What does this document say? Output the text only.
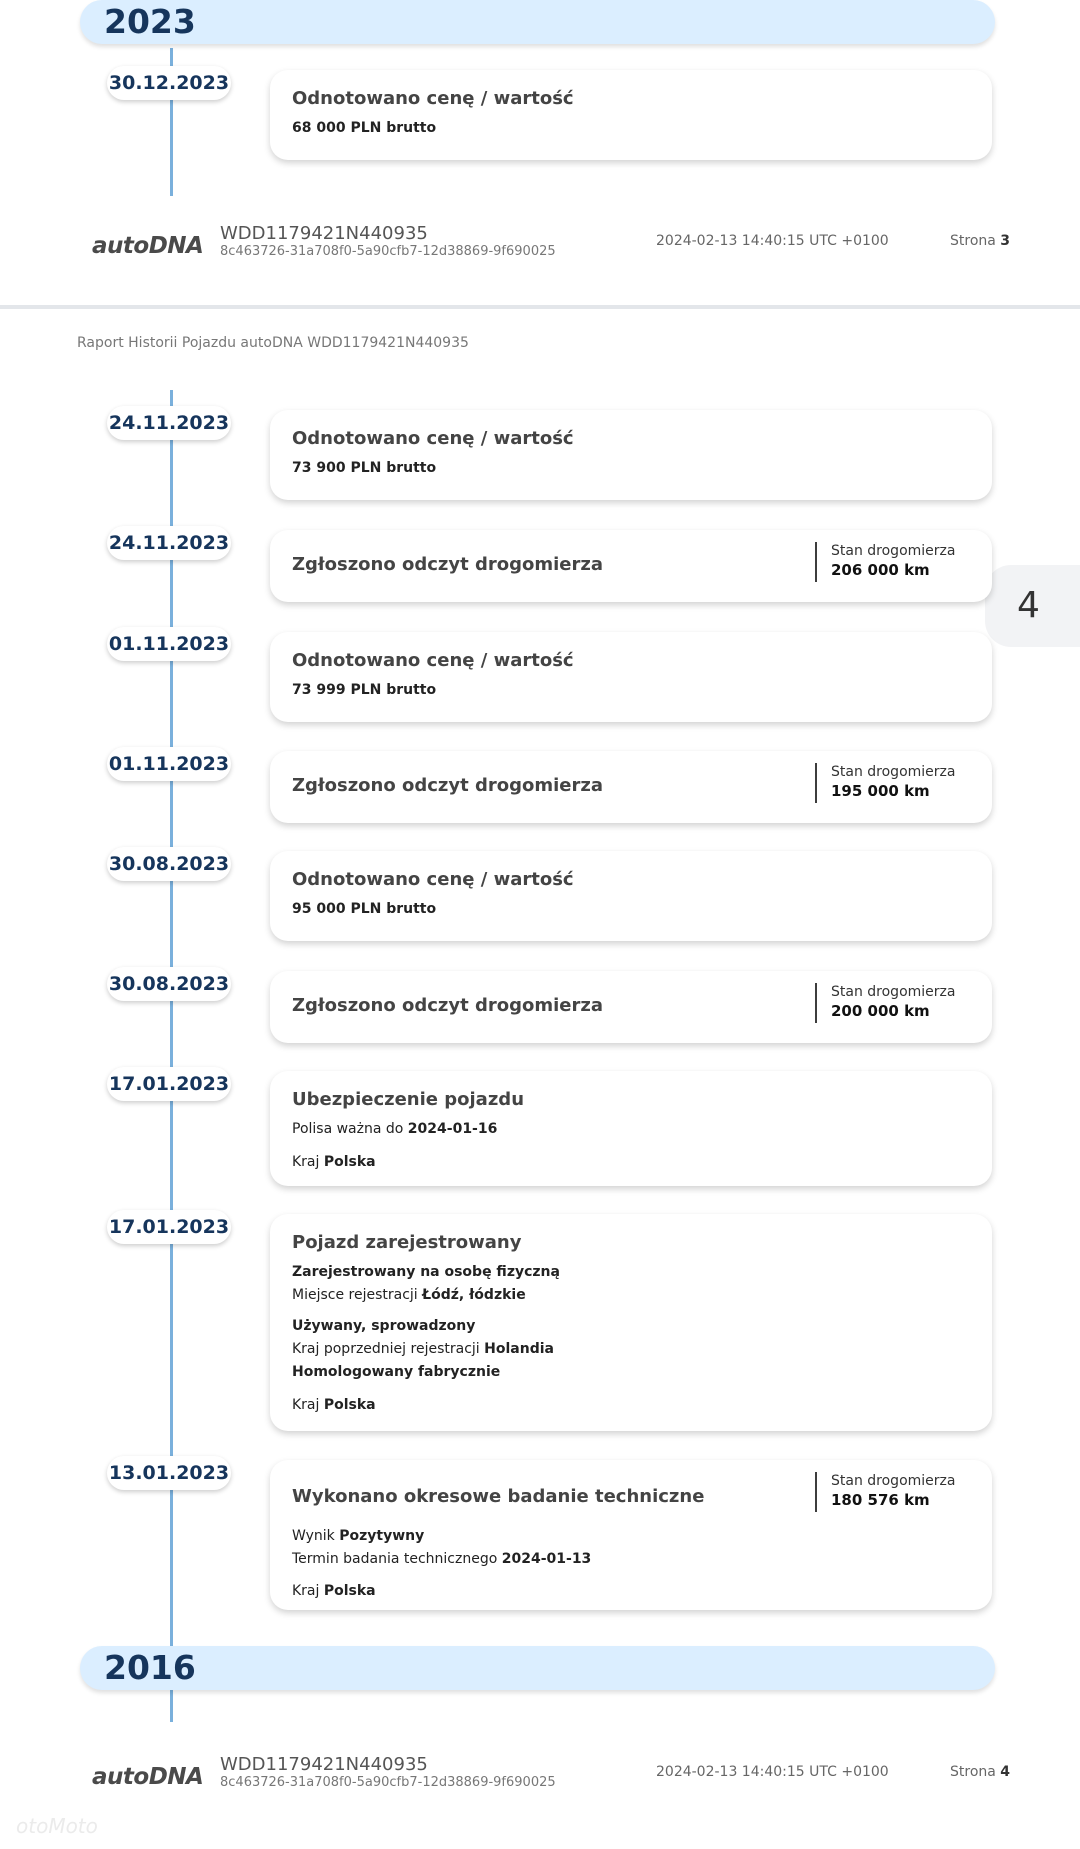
2023
30.12.2023
Odnotowano cenę / wartość
68 000 PLN brutto
autoDNA WDD1179421N440935
8c463726-31a708f0-5a90cfb7-12d38869-9f690025
2024-02-13 14:40:15 UTC +0100	Strona 3
Raport Historii Pojazdu autoDNA WDD1179421N440935
4
24.11.2023
Odnotowano cenę / wartość
73 900 PLN brutto
24.11.2023
Zgłoszono odczyt drogomierza
Stan drogomierza
206 000 km
01.11.2023
Odnotowano cenę / wartość
73 999 PLN brutto
01.11.2023
Zgłoszono odczyt drogomierza
Stan drogomierza
195 000 km
30.08.2023
Odnotowano cenę / wartość
95 000 PLN brutto
30.08.2023
Zgłoszono odczyt drogomierza
Stan drogomierza
200 000 km
17.01.2023
Ubezpieczenie pojazdu
Polisa ważna do 2024-01-16
Kraj Polska
17.01.2023
Pojazd zarejestrowany
Zarejestrowany na osobę fizyczną
Miejsce rejestracji Łódź, łódzkie
Używany, sprowadzony
Kraj poprzedniej rejestracji Holandia
Homologowany fabrycznie
Kraj Polska
13.01.2023
Wykonano okresowe badanie techniczne
Stan drogomierza
180 576 km
Wynik Pozytywny
Termin badania technicznego 2024-01-13
Kraj Polska
2016
autoDNA WDD1179421N440935
8c463726-31a708f0-5a90cfb7-12d38869-9f690025
2024-02-13 14:40:15 UTC +0100	Strona 4
otoMoto
